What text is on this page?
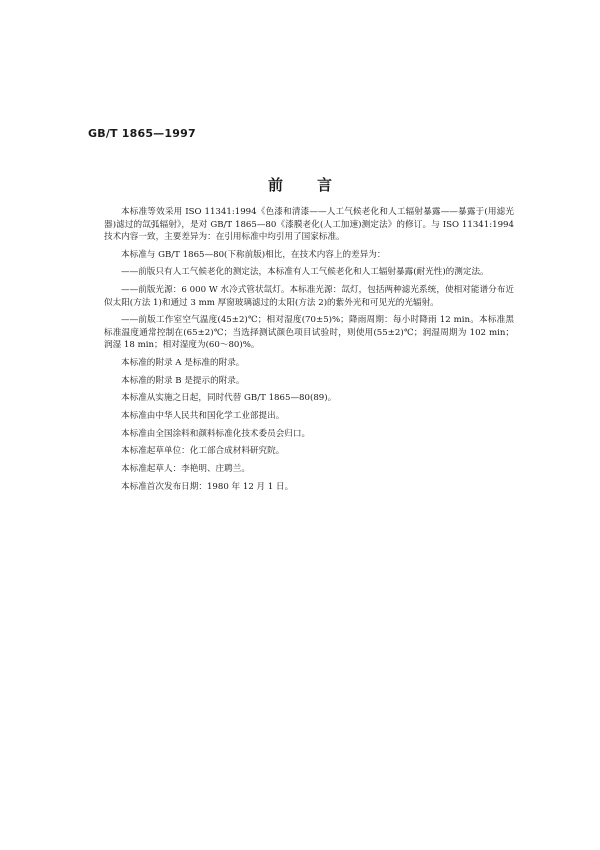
GB/T 1865—1997
前言

本标准等效采用 ISO 11341:1994《色漆和清漆——人工气候老化和人工辐射暴露——暴露于(用滤光器)滤过的氙弧辐射》，是对 GB/T 1865—80《漆膜老化(人工加速)测定法》的修订。与 ISO 11341:1994 技术内容一致，主要差异为：在引用标准中均引用了国家标准。

本标准与 GB/T 1865—80(下称前版)相比，在技术内容上的差异为：

——前版只有人工气候老化的测定法，本标准有人工气候老化和人工辐射暴露(耐光性)的测定法。

——前版光源：6 000 W 水冷式管状氙灯。本标准光源：氙灯，包括两种滤光系统，使相对能谱分布近似太阳(方法 1)和通过 3 mm 厚窗玻璃滤过的太阳(方法 2)的紫外光和可见光的光辐射。

——前版工作室空气温度(45±2)℃；相对湿度(70±5)%；降雨周期：每小时降雨 12 min。本标准黑标准温度通常控制在(65±2)℃；当选择测试颜色项目试验时，则使用(55±2)℃；润湿周期为 102 min；润湿 18 min；相对湿度为(60～80)%。

本标准的附录 A 是标准的附录。

本标准的附录 B 是提示的附录。

本标准从实施之日起，同时代替 GB/T 1865—80(89)。

本标准由中华人民共和国化学工业部提出。

本标准由全国涂料和颜料标准化技术委员会归口。

本标准起草单位：化工部合成材料研究院。

本标准起草人：李艳明、庄聘兰。

本标准首次发布日期：1980 年 12 月 1 日。
